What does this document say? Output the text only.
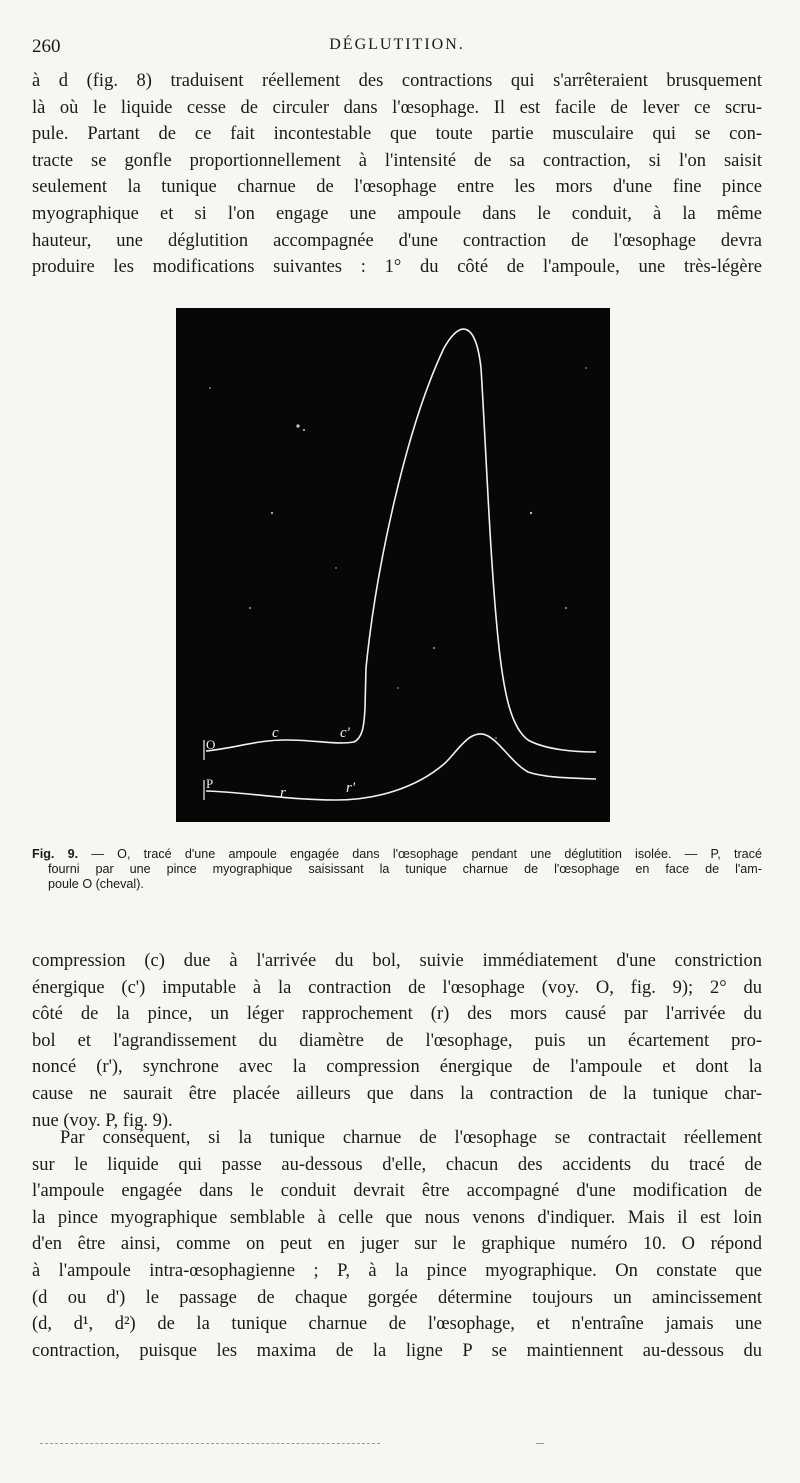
260	DÉGLUTITION.

à d (fig. 8) traduisent réellement des contractions qui s'arrêteraient brusquement
là où le liquide cesse de circuler dans l'œsophage. Il est facile de lever ce scru-
pule. Partant de ce fait incontestable que toute partie musculaire qui se con-
tracte se gonfle proportionnellement à l'intensité de sa contraction, si l'on saisit
seulement la tunique charnue de l'œsophage entre les mors d'une fine pince
myographique et si l'on engage une ampoule dans le conduit, à la même
hauteur, une déglutition accompagnée d'une contraction de l'œsophage devra
produire les modifications suivantes : 1° du côté de l'ampoule, une très-légère

O
P
c	c'
r	r'

Fig. 9. — O, tracé d'une ampoule engagée dans l'œsophage pendant une déglutition isolée. — P, tracé
fourni par une pince myographique saisissant la tunique charnue de l'œsophage en face de l'am-
poule O (cheval).

compression (c) due à l'arrivée du bol, suivie immédiatement d'une constriction
énergique (c') imputable à la contraction de l'œsophage (voy. O, fig. 9); 2° du
côté de la pince, un léger rapprochement (r) des mors causé par l'arrivée du
bol et l'agrandissement du diamètre de l'œsophage, puis un écartement pro-
noncé (r'), synchrone avec la compression énergique de l'ampoule et dont la
cause ne saurait être placée ailleurs que dans la contraction de la tunique char-
nue (voy. P, fig. 9).

Par conséquent, si la tunique charnue de l'œsophage se contractait réellement
sur le liquide qui passe au-dessous d'elle, chacun des accidents du tracé de
l'ampoule engagée dans le conduit devrait être accompagné d'une modification de
la pince myographique semblable à celle que nous venons d'indiquer. Mais il est loin
d'en être ainsi, comme on peut en juger sur le graphique numéro 10. O répond
à l'ampoule intra-œsophagienne ; P, à la pince myographique. On constate que
(d ou d') le passage de chaque gorgée détermine toujours un amincissement
(d, d¹, d²) de la tunique charnue de l'œsophage, et n'entraîne jamais une
contraction, puisque les maxima de la ligne P se maintiennent au-dessous du
